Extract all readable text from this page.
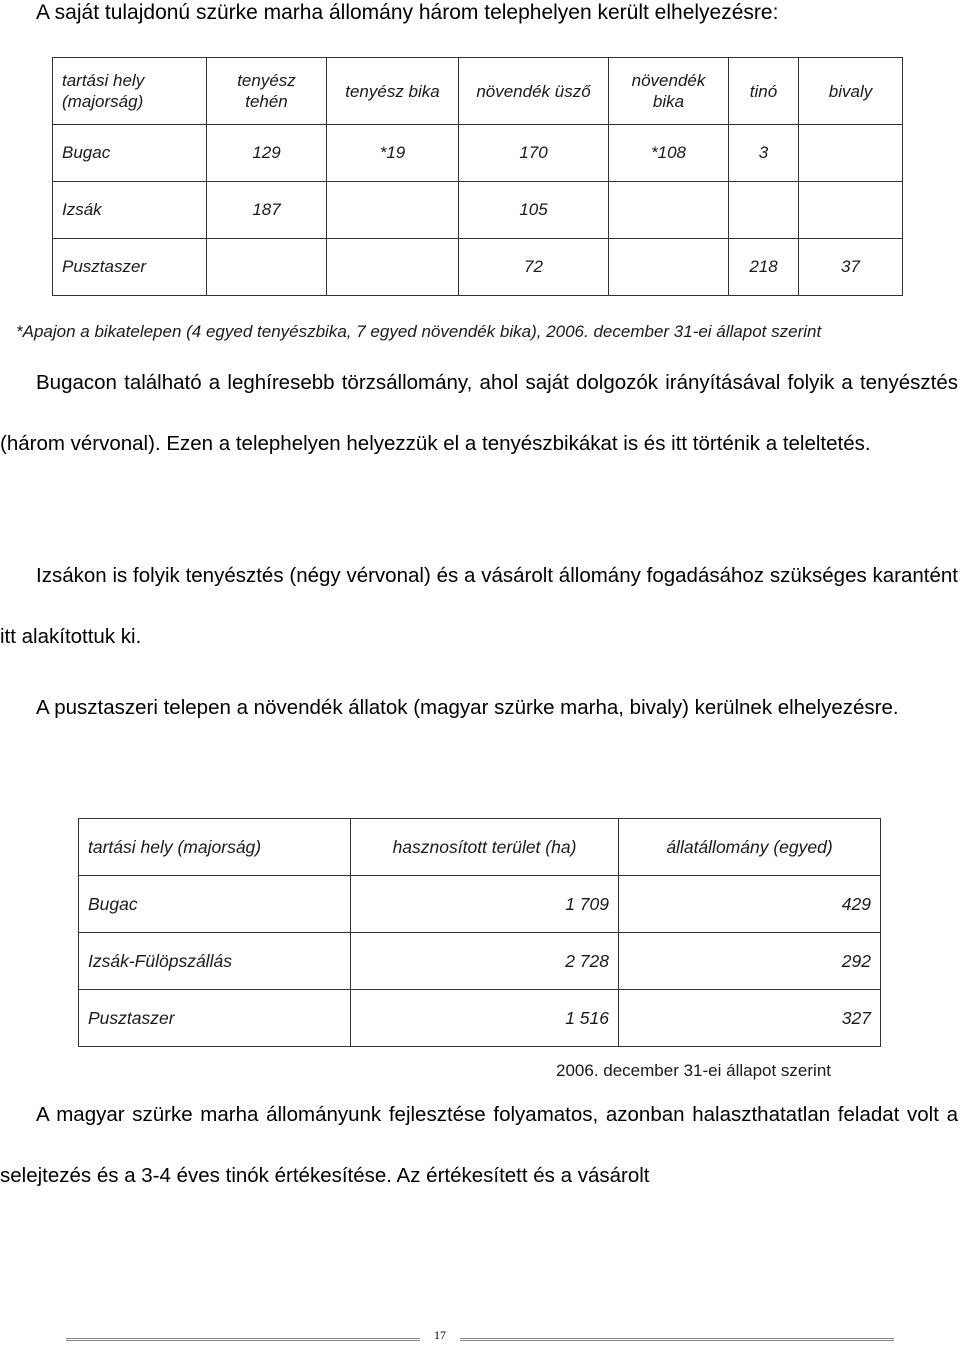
A saját tulajdonú szürke marha állomány három telephelyen került elhelyezésre:
tartási hely (majorság)	tenyész tehén	tenyész bika	növendék üsző	növendék bika	tinó	bivaly
Bugac	129	*19	170	*108	3	
Izsák	187		105			
Pusztaszer			72		218	37
*Apajon a bikatelepen (4 egyed tenyészbika, 7 egyed növendék bika), 2006. december 31-ei állapot szerint
Bugacon található a leghíresebb törzsállomány, ahol saját dolgozók irányításával folyik a tenyésztés (három vérvonal). Ezen a telephelyen helyezzük el a tenyészbikákat is és itt történik a teleltetés.
Izsákon is folyik tenyésztés (négy vérvonal) és a vásárolt állomány fogadásához szükséges karantént itt alakítottuk ki.
A pusztaszeri telepen a növendék állatok (magyar szürke marha, bivaly) kerülnek elhelyezésre.
tartási hely (majorság)	hasznosított terület (ha)	állatállomány (egyed)
Bugac	1 709	429
Izsák-Fülöpszállás	2 728	292
Pusztaszer	1 516	327
2006. december 31-ei állapot szerint
A magyar szürke marha állományunk fejlesztése folyamatos, azonban halaszthatatlan feladat volt a selejtezés és a 3-4 éves tinók értékesítése. Az értékesített és a vásárolt
17
